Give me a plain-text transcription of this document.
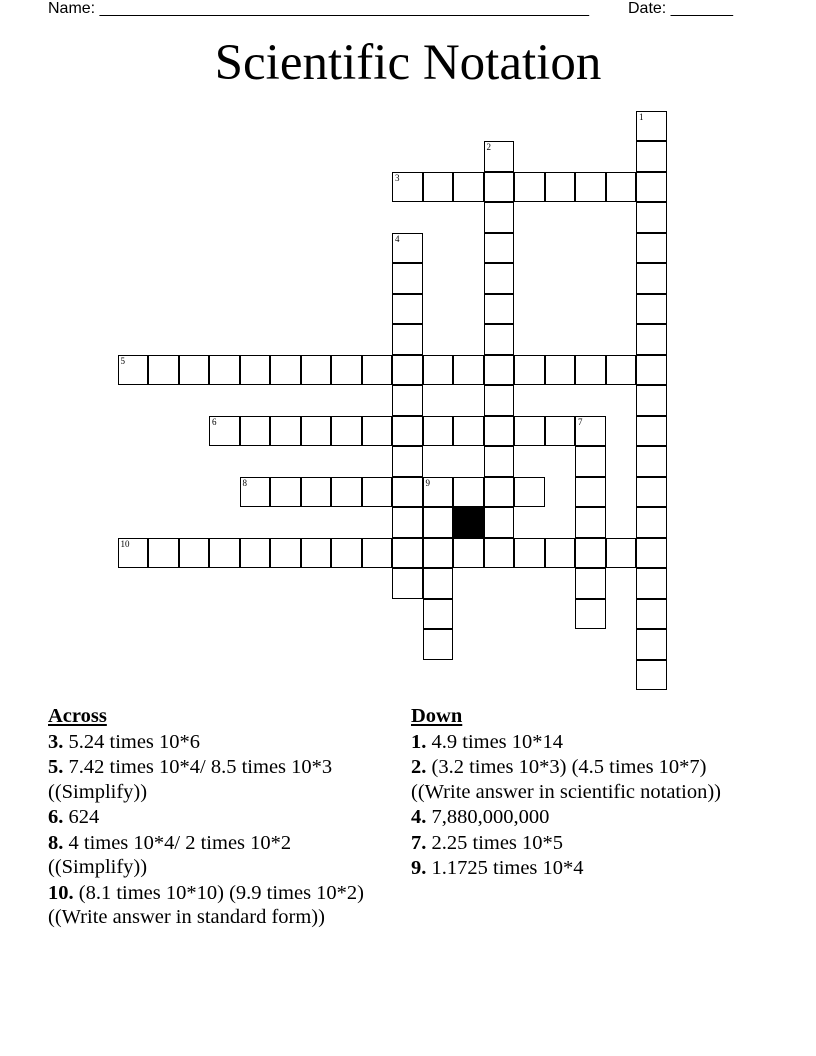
Name: _______________________________________________________ Date: _______
Scientific Notation
1
2
3
4
5
6	7
8	9
10
Across
3. 5.24 times 10*6
5. 7.42 times 10*4/ 8.5 times 10*3 ((Simplify))
6. 624
8. 4 times 10*4/ 2 times 10*2 ((Simplify))
10. (8.1 times 10*10) (9.9 times 10*2) ((Write answer in standard form))
Down
1. 4.9 times 10*14
2. (3.2 times 10*3) (4.5 times 10*7) ((Write answer in scientific notation))
4. 7,880,000,000
7. 2.25 times 10*5
9. 1.1725 times 10*4
